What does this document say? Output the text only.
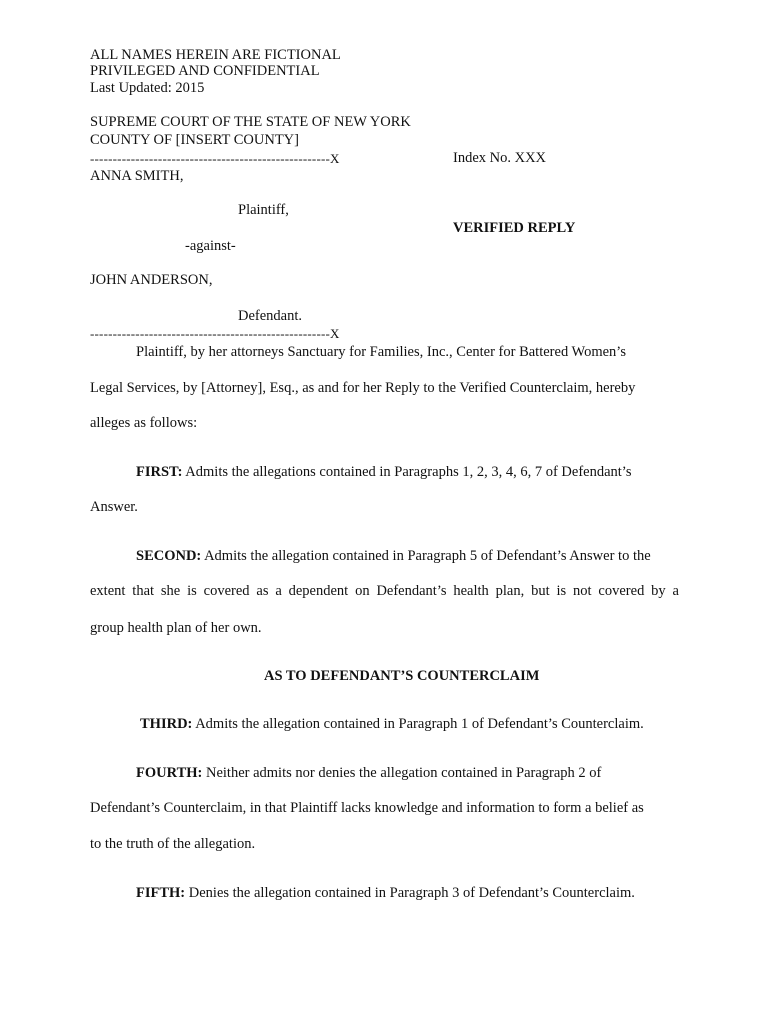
ALL NAMES HEREIN ARE FICTIONAL
PRIVILEGED AND CONFIDENTIAL
Last Updated: 2015
SUPREME COURT OF THE STATE OF NEW YORK
COUNTY OF [INSERT COUNTY]
-----------------------------------------------------X	Index No. XXX
ANNA SMITH,
Plaintiff,
VERIFIED REPLY
-against-
JOHN ANDERSON,
Defendant.
-----------------------------------------------------X
Plaintiff, by her attorneys Sanctuary for Families, Inc., Center for Battered Women’s
Legal Services, by [Attorney], Esq., as and for her Reply to the Verified Counterclaim, hereby
alleges as follows:
FIRST: Admits the allegations contained in Paragraphs 1, 2, 3, 4, 6, 7 of Defendant’s
Answer.
SECOND: Admits the allegation contained in Paragraph 5 of Defendant’s Answer to the
extent that she is covered as a dependent on Defendant’s health plan, but is not covered by a
group health plan of her own.
AS TO DEFENDANT’S COUNTERCLAIM
THIRD: Admits the allegation contained in Paragraph 1 of Defendant’s Counterclaim.
FOURTH: Neither admits nor denies the allegation contained in Paragraph 2 of
Defendant’s Counterclaim, in that Plaintiff lacks knowledge and information to form a belief as
to the truth of the allegation.
FIFTH: Denies the allegation contained in Paragraph 3 of Defendant’s Counterclaim.
